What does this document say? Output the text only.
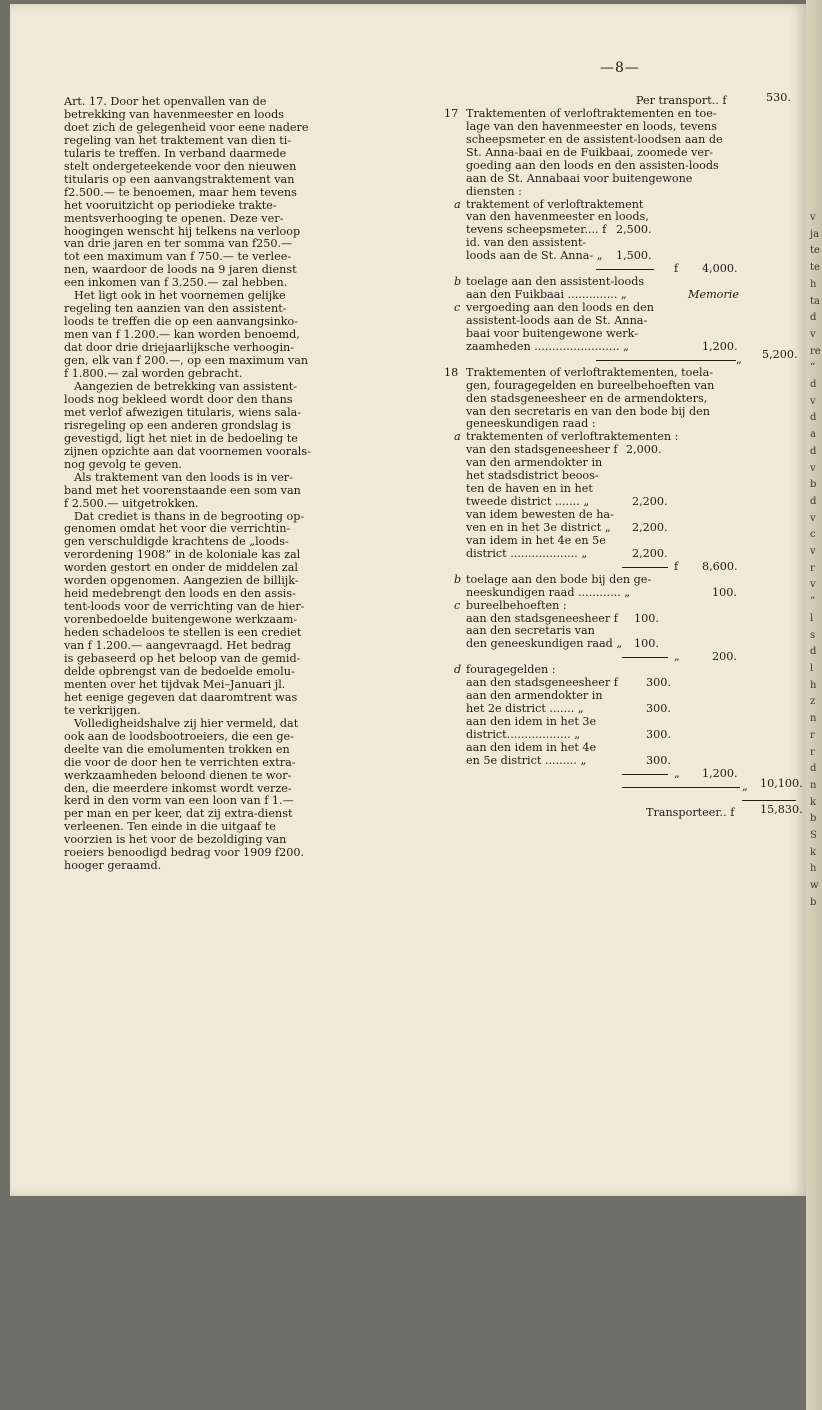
v
ja
te
te
h
ta
d
v
re
“
d
v
d
a
d
v
b
d
v
c
v
r
v
”
l
s
d
l
h
z
n
r
r
d
n
k
b
S
k
h
w
b
—8—
Art. 17. Door het openvallen van de
betrekking van havenmeester en loods
doet zich de gelegenheid voor eene nadere
regeling van het traktement van dien ti-
tularis te treffen. In verband daarmede
stelt ondergeteekende voor den nieuwen
titularis op een aanvangstraktement van
f2.500.— te benoemen, maar hem tevens
het vooruitzicht op periodieke trakte-
mentsverhooging te openen. Deze ver-
hoogingen wenscht hij telkens na verloop
van drie jaren en ter somma van f250.—
tot een maximum van f 750.— te verlee-
nen, waardoor de loods na 9 jaren dienst
een inkomen van f 3.250.— zal hebben.
Het ligt ook in het voornemen gelijke
regeling ten aanzien van den assistent-
loods te treffen die op een aanvangsinko-
men van f 1.200.— kan worden benoemd,
dat door drie driejaarlijksche verhoogin-
gen, elk van f 200.—, op een maximum van
f 1.800.— zal worden gebracht.
Aangezien de betrekking van assistent-
loods nog bekleed wordt door den thans
met verlof afwezigen titularis, wiens sala-
risregeling op een anderen grondslag is
gevestigd, ligt het niet in de bedoeling te
zijnen opzichte aan dat voornemen voorals-
nog gevolg te geven.
Als traktement van den loods is in ver-
band met het voorenstaande een som van
f 2.500.— uitgetrokken.
Dat crediet is thans in de begrooting op-
genomen omdat het voor die verrichtin-
gen verschuldigde krachtens de „loods-
verordening 1908” in de koloniale kas zal
worden gestort en onder de middelen zal
worden opgenomen. Aangezien de billijk-
heid medebrengt den loods en den assis-
tent-loods voor de verrichting van de hier-
vorenbedoelde buitengewone werkzaam-
heden schadeloos te stellen is een crediet
van f 1.200.— aangevraagd. Het bedrag
is gebaseerd op het beloop van de gemid-
delde opbrengst van de bedoelde emolu-
menten over het tijdvak Mei–Januari jl.
het eenige gegeven dat daaromtrent was
te verkrijgen.
Volledigheidshalve zij hier vermeld, dat
ook aan de loodsbootroeiers, die een ge-
deelte van die emolumenten trokken en
die voor de door hen te verrichten extra-
werkzaamheden beloond dienen te wor-
den, die meerdere inkomst wordt verze-
kerd in den vorm van een loon van f 1.—
per man en per keer, dat zij extra-dienst
verleenen. Ten einde in die uitgaaf te
voorzien is het voor de bezoldiging van
roeiers benoodigd bedrag voor 1909 f200.
hooger geraamd.
Per transport.. f	530.
17 Traktementen of verloftraktementen en toe-
lage van den havenmeester en loods, tevens
scheepsmeter en de assistent-loodsen aan de
St. Anna-baai en de Fuikbaai, zoomede ver-
goeding aan den loods en den assisten-loods
aan de St. Annabaai voor buitengewone
diensten :
a traktement of verloftraktement
van den havenmeester en loods,
tevens scheepsmeter.... f 2,500.
id. van den assistent-
loods aan de St. Anna- „ 1,500.
f 4,000.
b toelage aan den assistent-loods
aan den Fuikbaai .............. „	Memorie
c vergoeding aan den loods en den
assistent-loods aan de St. Anna-
baai voor buitengewone werk-
zaamheden ........................ „	1,200.
„ 5,200.
18 Traktementen of verloftraktementen, toela-
gen, fouragegelden en bureelbehoeften van
den stadsgeneesheer en de armendokters,
van den secretaris en van den bode bij den
geneeskundigen raad :
a traktementen of verloftraktementen :
van den stadsgeneesheer f 2,000.
van den armendokter in
het stadsdistrict beoos-
ten de haven en in het
tweede district ....... „	2,200.
van idem bewesten de ha-
ven en in het 3e district „ 2,200.
van idem in het 4e en 5e
district ................... „	2,200.
f 8,600.
b toelage aan den bode bij den ge-
neeskundigen raad ............ „	100.
c bureelbehoeften :
aan den stadsgeneesheer f 100.
aan den secretaris van
den geneeskundigen raad „ 100.
„	200.
d fouragegelden :
aan den stadsgeneesheer f	300.
aan den armendokter in
het 2e district ....... „	300.
aan den idem in het 3e
district.................. „	300.
aan den idem in het 4e
en 5e district ......... „	300.
„ 1,200.
„ 10,100.
Transporteer.. f 15,830.
